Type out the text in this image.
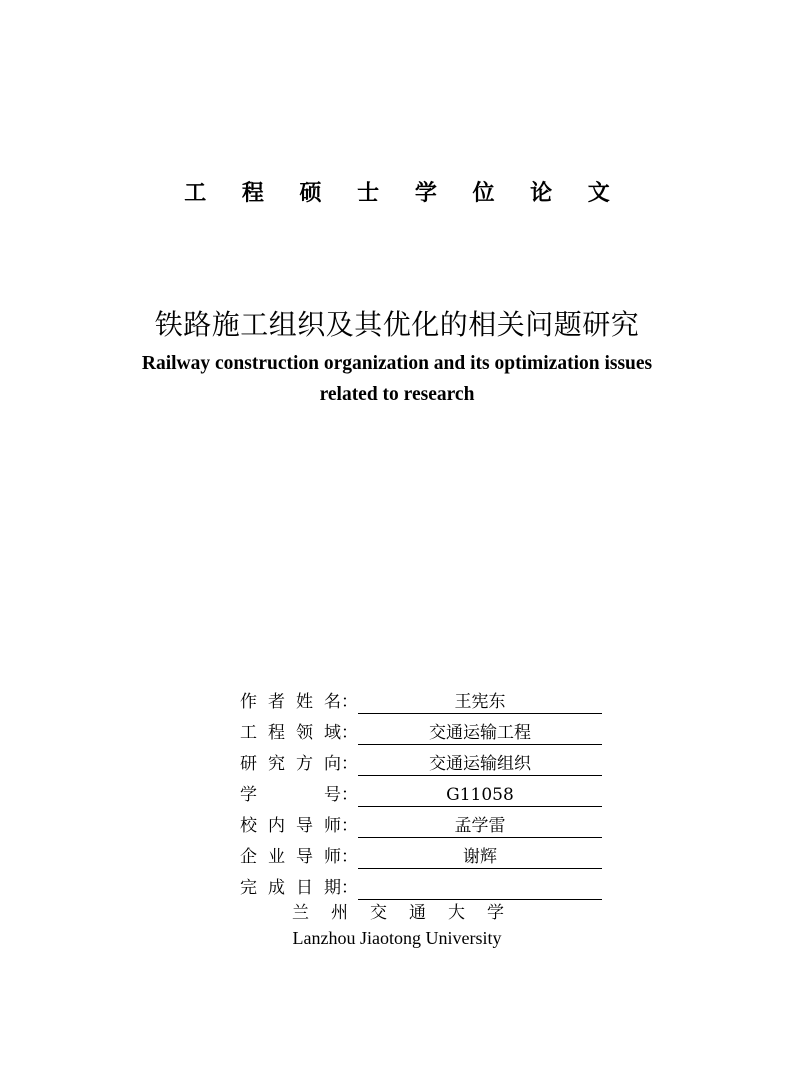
工 程 硕 士 学 位 论 文
铁路施工组织及其优化的相关问题研究
Railway construction organization and its optimization issues
related to research
作 者 姓 名：	王宪东
工 程 领 域：	交通运输工程
研 究 方 向：	交通运输组织
学	号：	G11058
校 内 导 师：	孟学雷
企 业 导 师：	谢辉
完 成 日 期：
兰 州 交 通 大 学
Lanzhou Jiaotong University
